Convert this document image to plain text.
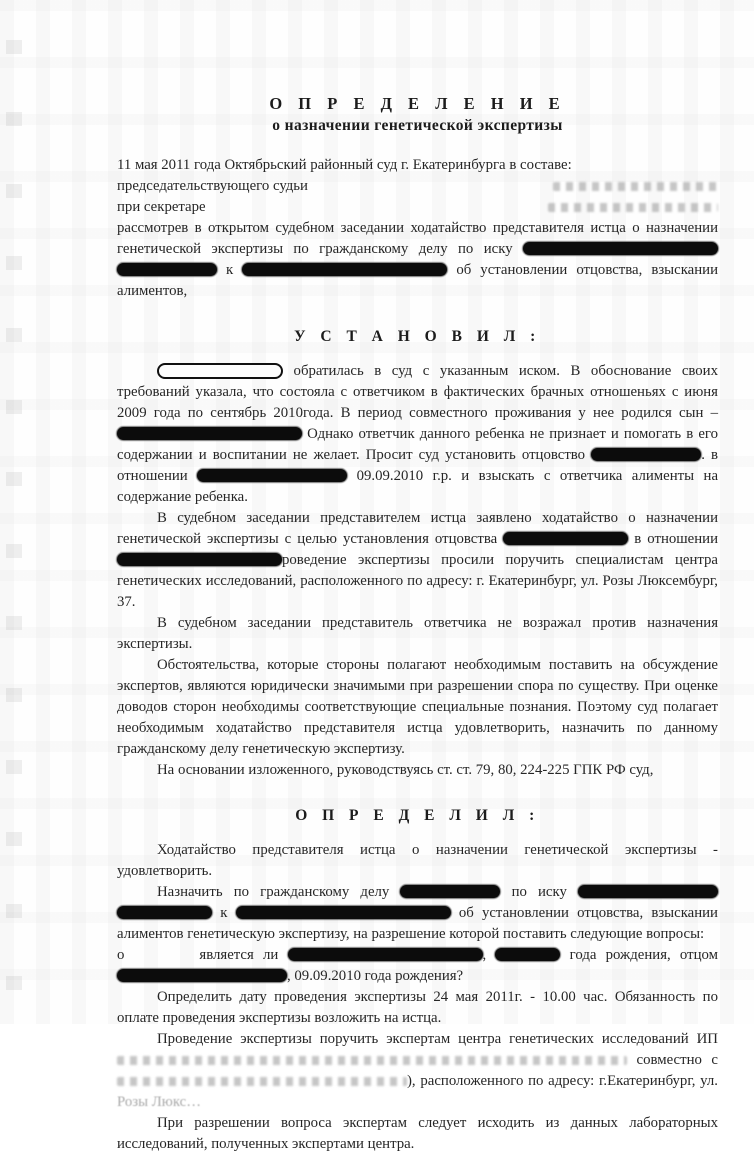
О П Р Е Д Е Л Е Н И Е
о назначении генетической экспертизы
11 мая 2011 года Октябрьский районный суд г. Екатеринбурга в составе:
председательствующего судьи
при секретаре
рассмотрев в открытом судебном заседании ходатайство представителя истца о назначении генетической экспертизы по гражданскому делу по иску   к	об установлении отцовства, взыскании алиментов,
У С Т А Н О В И Л :
обратилась в суд с указанным иском. В обоснование своих требований указала, что состояла с ответчиком в фактических брачных отношеньях с июня 2009 года по сентябрь 2010года. В период совместного проживания у нее родился сын –  Однако ответчик данного ребенка не признает и помогать в его содержании и воспитании не желает. Просит суд установить отцовство	. в отношении	09.09.2010 г.р. и взыскать с ответчика алименты на содержание ребенка.
В судебном заседании представителем истца заявлено ходатайство о назначении генетической экспертизы с целью установления отцовства	в отношении роведение экспертизы просили поручить специалистам центра генетических исследований, расположенного по адресу: г. Екатеринбург, ул. Розы Люксембург, 37.
В судебном заседании представитель ответчика не возражал против назначения экспертизы.
Обстоятельства, которые стороны полагают необходимым поставить на обсуждение экспертов, являются юридически значимыми при разрешении спора по существу. При оценке доводов сторон необходимы соответствующие специальные познания. Поэтому суд полагает необходимым ходатайство представителя истца удовлетворить, назначить по данному гражданскому делу генетическую экспертизу.
На основании изложенного, руководствуясь ст. ст. 79, 80, 224-225 ГПК РФ суд,
О П Р Е Д Е Л И Л :
Ходатайство представителя истца о назначении генетической экспертизы - удовлетворить.
Назначить по гражданскому делу	по иску   к	об установлении отцовства, взыскании алиментов генетическую экспертизу, на разрешение которой поставить следующие вопросы:
о	является ли	,	года рождения, отцом , 09.09.2010 года рождения?
Определить дату проведения экспертизы 24 мая 2011г. - 10.00 час. Обязанность по оплате проведения экспертизы возложить на истца.
Проведение экспертизы поручить экспертам центра генетических исследований ИП  совместно с ), расположенного по адресу: г.Екатеринбург, ул. Розы Люкс…
При разрешении вопроса экспертам следует исходить из данных лабораторных исследований, полученных экспертами центра.
